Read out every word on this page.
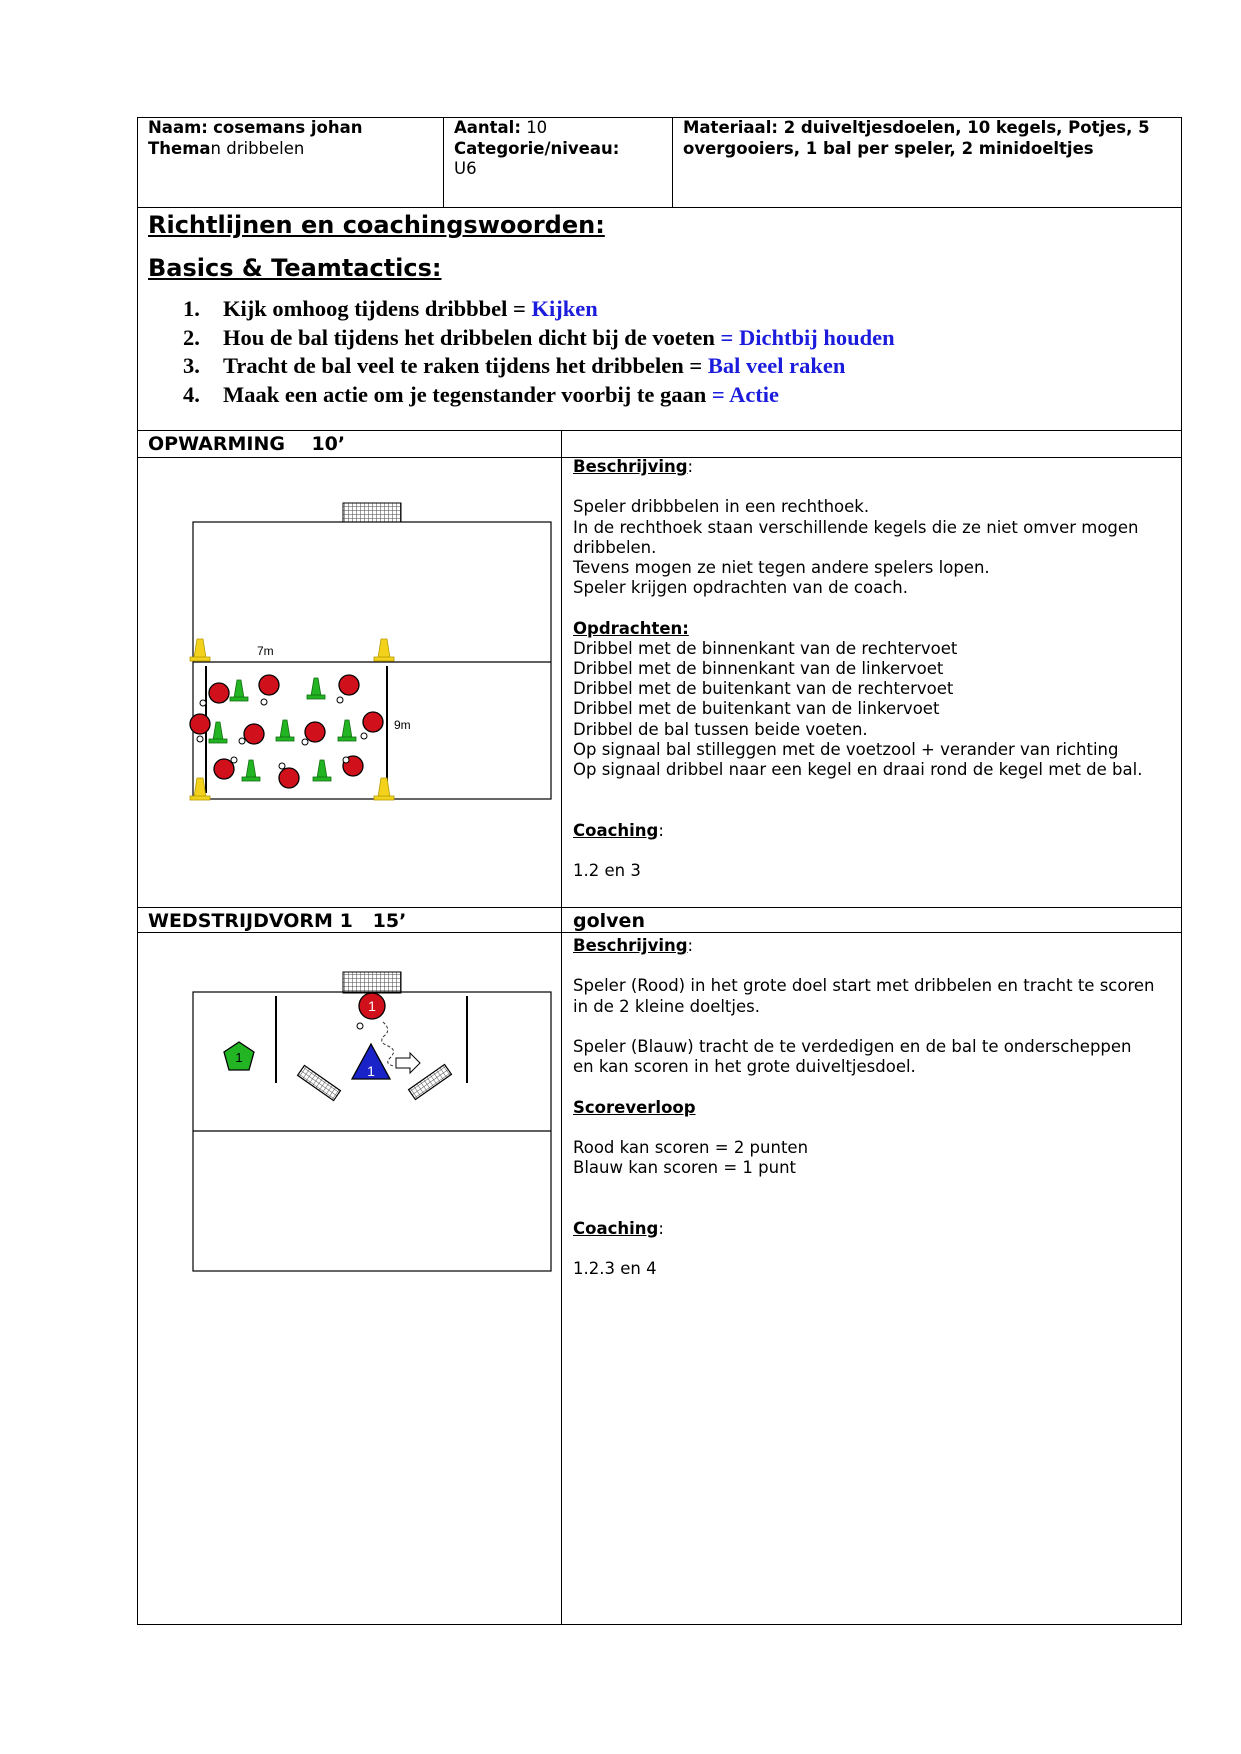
Naam: cosemans johan
Theman dribbelen
Aantal: 10
Categorie/niveau:
U6
Materiaal: 2 duiveltjesdoelen, 10 kegels, Potjes, 5
overgooiers, 1 bal per speler, 2 minidoeltjes
Richtlijnen en coachingswoorden:
Basics & Teamtactics:
1. Kijk omhoog tijdens dribbbel = Kijken
2. Hou de bal tijdens het dribbelen dicht bij de voeten = Dichtbij houden
3. Tracht de bal veel te raken tijdens het dribbelen = Bal veel raken
4. Maak een actie om je tegenstander voorbij te gaan = Actie
OPWARMING    10’

Beschrijving:

Speler dribbbelen in een rechthoek.

In de rechthoek staan verschillende kegels die ze niet omver mogen

dribbelen.

Tevens mogen ze niet tegen andere spelers lopen.

Speler krijgen opdrachten van de coach.

Opdrachten:

Dribbel met de binnenkant van de rechtervoet

Dribbel met de binnenkant van de linkervoet

Dribbel met de buitenkant van de rechtervoet

Dribbel met de buitenkant van de linkervoet

Dribbel de bal tussen beide voeten.

Op signaal bal stilleggen met de voetzool + verander van richting

Op signaal dribbel naar een kegel en draai rond de kegel met de bal.

Coaching:

1.2 en 3

7m
9m
WEDSTRIJDVORM 1   15’	golven

Beschrijving:

Speler (Rood) in het grote doel start met dribbelen en tracht te scoren

in de 2 kleine doeltjes.

Speler (Blauw) tracht de te verdedigen en de bal te onderscheppen

en kan scoren in het grote duiveltjesdoel.

Scoreverloop

Rood kan scoren = 2 punten

Blauw kan scoren = 1 punt

Coaching:

1.2.3 en 4

1
1
1
